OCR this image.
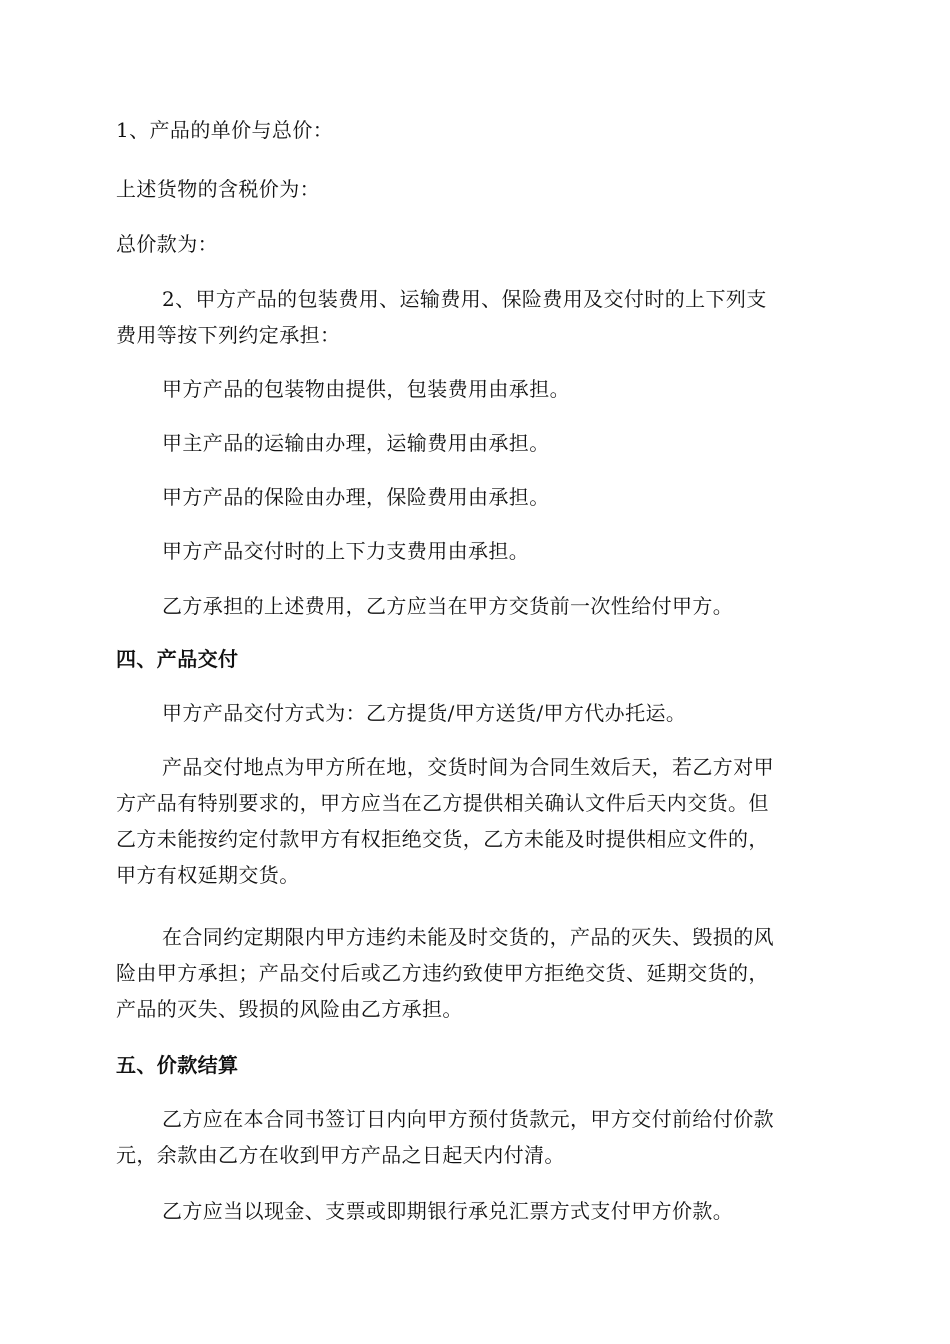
1、产品的单价与总价：
上述货物的含税价为：
总价款为：
2、甲方产品的包装费用、运输费用、保险费用及交付时的上下列支
费用等按下列约定承担：
甲方产品的包装物由提供，包装费用由承担。
甲主产品的运输由办理，运输费用由承担。
甲方产品的保险由办理，保险费用由承担。
甲方产品交付时的上下力支费用由承担。
乙方承担的上述费用，乙方应当在甲方交货前一次性给付甲方。
四、产品交付
甲方产品交付方式为：乙方提货/甲方送货/甲方代办托运。
产品交付地点为甲方所在地，交货时间为合同生效后天，若乙方对甲
方产品有特别要求的，甲方应当在乙方提供相关确认文件后天内交货。但
乙方未能按约定付款甲方有权拒绝交货，乙方未能及时提供相应文件的，
甲方有权延期交货。
在合同约定期限内甲方违约未能及时交货的，产品的灭失、毁损的风
险由甲方承担；产品交付后或乙方违约致使甲方拒绝交货、延期交货的，
产品的灭失、毁损的风险由乙方承担。
五、价款结算
乙方应在本合同书签订日内向甲方预付货款元，甲方交付前给付价款
元，余款由乙方在收到甲方产品之日起天内付清。
乙方应当以现金、支票或即期银行承兑汇票方式支付甲方价款。
